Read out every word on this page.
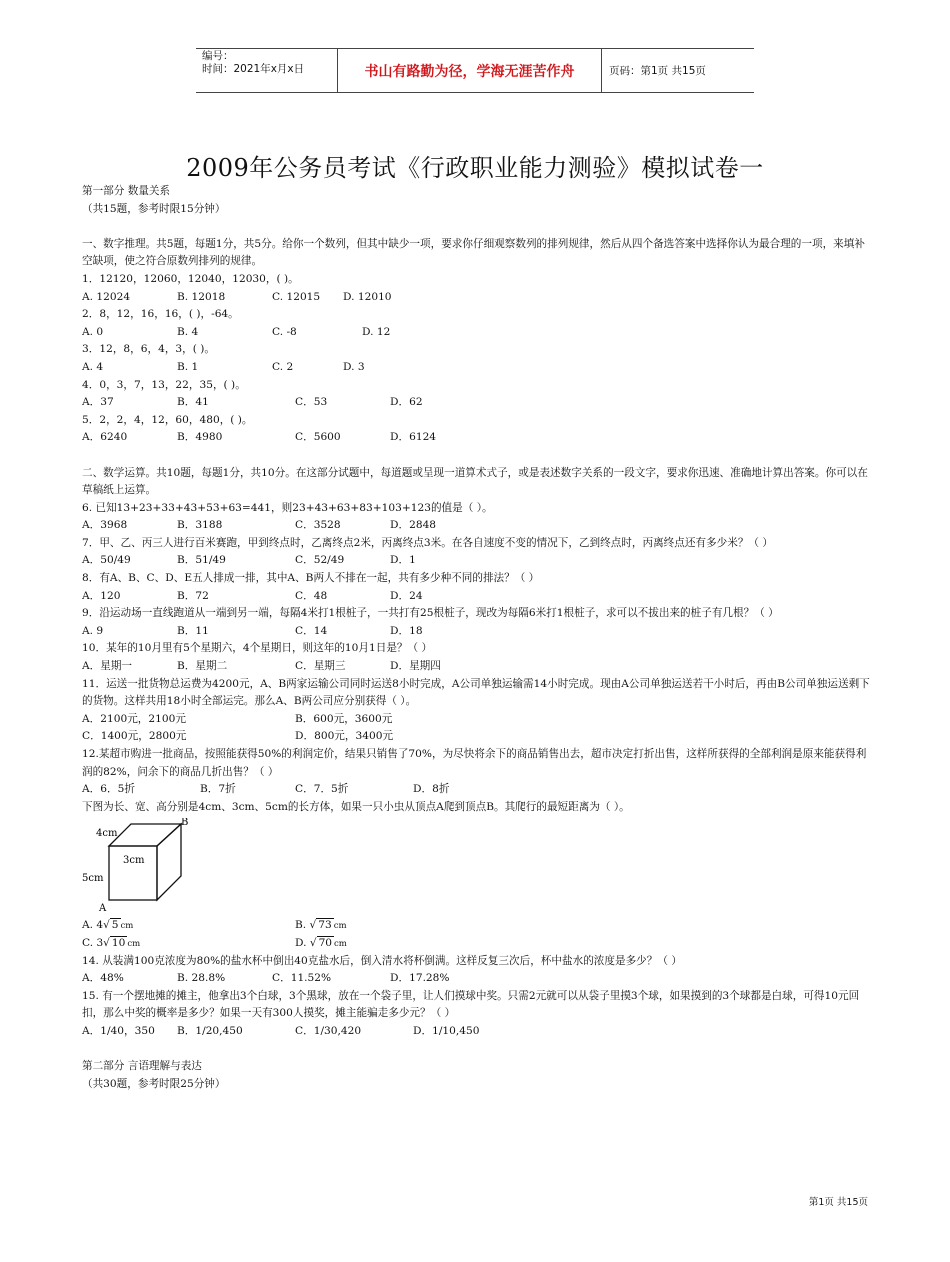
编号：
时间：2021年x月x日	书山有路勤为径，学海无涯苦作舟	页码：第1页 共15页
2009年公务员考试《行政职业能力测验》模拟试卷一
第一部分 数量关系
（共15题，参考时限15分钟）
一、数字推理。共5题，每题1分，共5分。给你一个数列，但其中缺少一项，要求你仔细观察数列的排列规律，然后从四个备选答案中选择你认为最合理的一项，来填补空缺项，使之符合原数列排列的规律。
1．12120，12060，12040，12030，( )。
A. 12024	B. 12018	C. 12015 D. 12010
2．8，12，16，16，( )，-64。
A. 0	B. 4	C. -8	D. 12
3．12，8，6，4，3，( )。
A. 4	B. 1	C. 2	D. 3
4．0，3，7，13，22，35，( )。
A．37	B．41	C．53	D．62
5．2，2，4，12，60，480，( )。
A．6240	B．4980	C．5600	D．6124
二、数学运算。共10题，每题1分，共10分。在这部分试题中，每道题或呈现一道算术式子，或是表述数字关系的一段文字，要求你迅速、准确地计算出答案。你可以在草稿纸上运算。
6. 已知13+23+33+43+53+63=441，则23+43+63+83+103+123的值是（ ）。
A．3968	B．3188	C．3528	D．2848
7．甲、乙、丙三人进行百米赛跑，甲到终点时，乙离终点2米，丙离终点3米。在各自速度不变的情况下，乙到终点时，丙离终点还有多少米？（ ）
A．50/49	B．51/49	C．52/49	D．1
8．有A、B、C、D、E五人排成一排，其中A、B两人不排在一起，共有多少种不同的排法？（ ）
A．120	B．72	C．48	D．24
9．沿运动场一直线跑道从一端到另一端，每隔4米打1根桩子，一共打有25根桩子，现改为每隔6米打1根桩子，求可以不拔出来的桩子有几根？（ ）
A. 9	B．11	C．14	D．18
10．某年的10月里有5个星期六，4个星期日，则这年的10月1日是？（ ）
A．星期一	B．星期二	C．星期三	D．星期四
11．运送一批货物总运费为4200元，A、B两家运输公司同时运送8小时完成，A公司单独运输需14小时完成。现由A公司单独运送若干小时后，再由B公司单独运送剩下的货物。这样共用18小时全部运完。那么A、B两公司应分别获得（ ）。
A．2100元，2100元	B．600元，3600元
C．1400元，2800元	D．800元，3400元
12.某超市购进一批商品，按照能获得50%的利润定价，结果只销售了70%，为尽快将余下的商品销售出去，超市决定打折出售，这样所获得的全部利润是原来能获得利润的82%，问余下的商品几折出售？（ ）
A．6．5折	B．7折	C．7．5折	D．8折
下图为长、宽、高分别是4cm、3cm、5cm的长方体，如果一只小虫从顶点A爬到顶点B。其爬行的最短距离为（ ）。
4cm
3cm
5cm
A
B
A. 4√ 5 cm	B. √ 73 cm
C. 3√ 10 cm	D. √ 70 cm
14. 从装满100克浓度为80%的盐水杯中倒出40克盐水后，倒入清水将杯倒满。这样反复三次后，杯中盐水的浓度是多少？（ ）
A．48%	B. 28.8%	C．11.52%	D．17.28%
15. 有一个摆地摊的摊主，他拿出3个白球，3个黑球，放在一个袋子里，让人们摸球中奖。只需2元就可以从袋子里摸3个球，如果摸到的3个球都是白球，可得10元回扣，那么中奖的概率是多少？如果一天有300人摸奖，摊主能骗走多少元？（ ）
A．1/40，350 B．1/20,450	C．1/30,420	D．1/10,450
第二部分 言语理解与表达
（共30题，参考时限25分钟）
第1页 共15页
